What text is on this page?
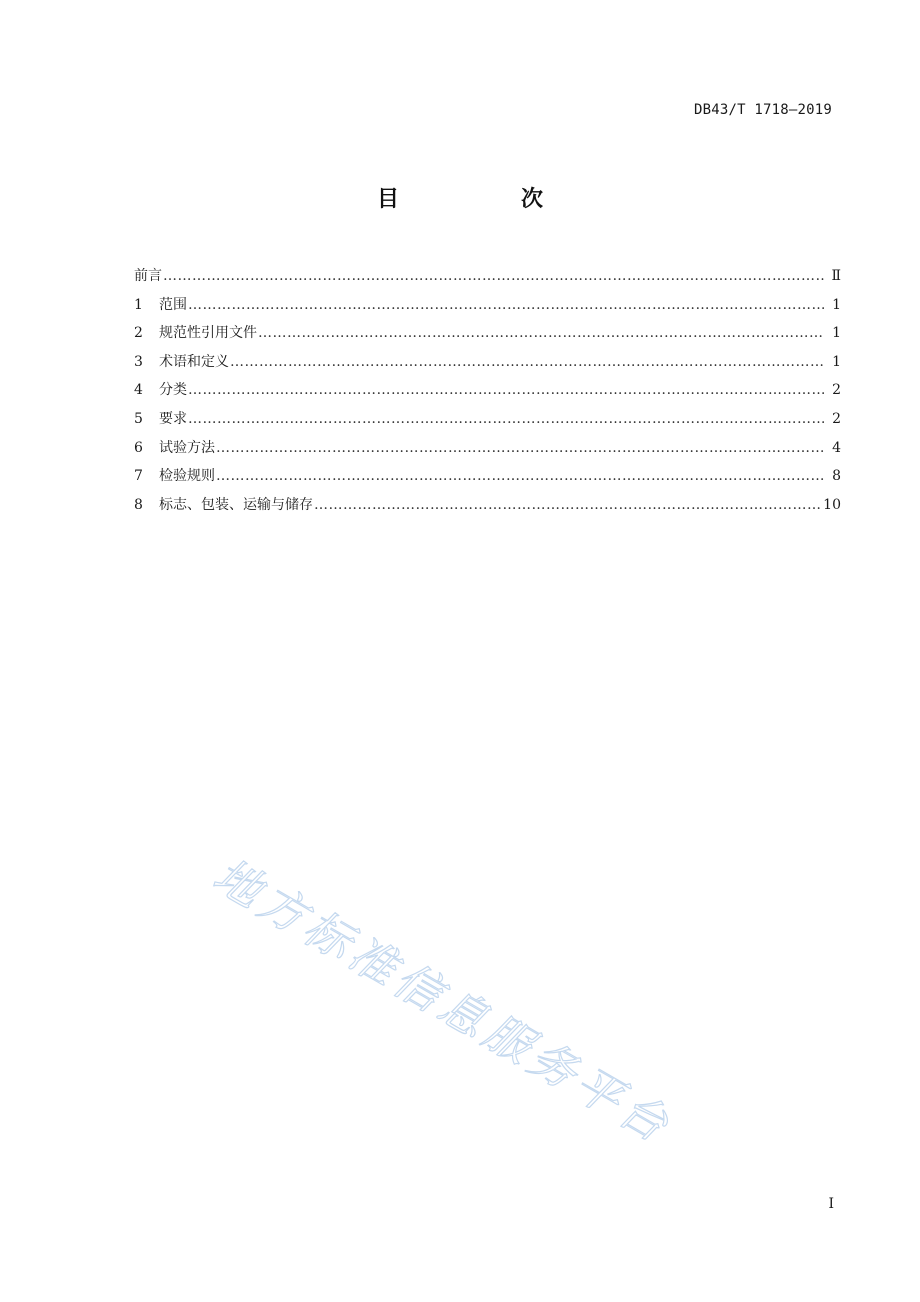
DB43/T 1718—2019
目　次
前言 …………………………………………………………………………………………………………………………………………………………………………………………………………………	Ⅱ
1	范围 …………………………………………………………………………………………………………………………………………………………………………………………………………………	1
2	规范性引用文件 …………………………………………………………………………………………………………………………………………………………………………………………………………………	1
3	术语和定义 …………………………………………………………………………………………………………………………………………………………………………………………………………………	1
4	分类 …………………………………………………………………………………………………………………………………………………………………………………………………………………	2
5	要求 …………………………………………………………………………………………………………………………………………………………………………………………………………………	2
6	试验方法 …………………………………………………………………………………………………………………………………………………………………………………………………………………	4
7	检验规则 …………………………………………………………………………………………………………………………………………………………………………………………………………………	8
8	标志、包装、运输与储存 …………………………………………………………………………………………………………………………………………………………………………………………………………………	10
地方标准信息服务平台
I
